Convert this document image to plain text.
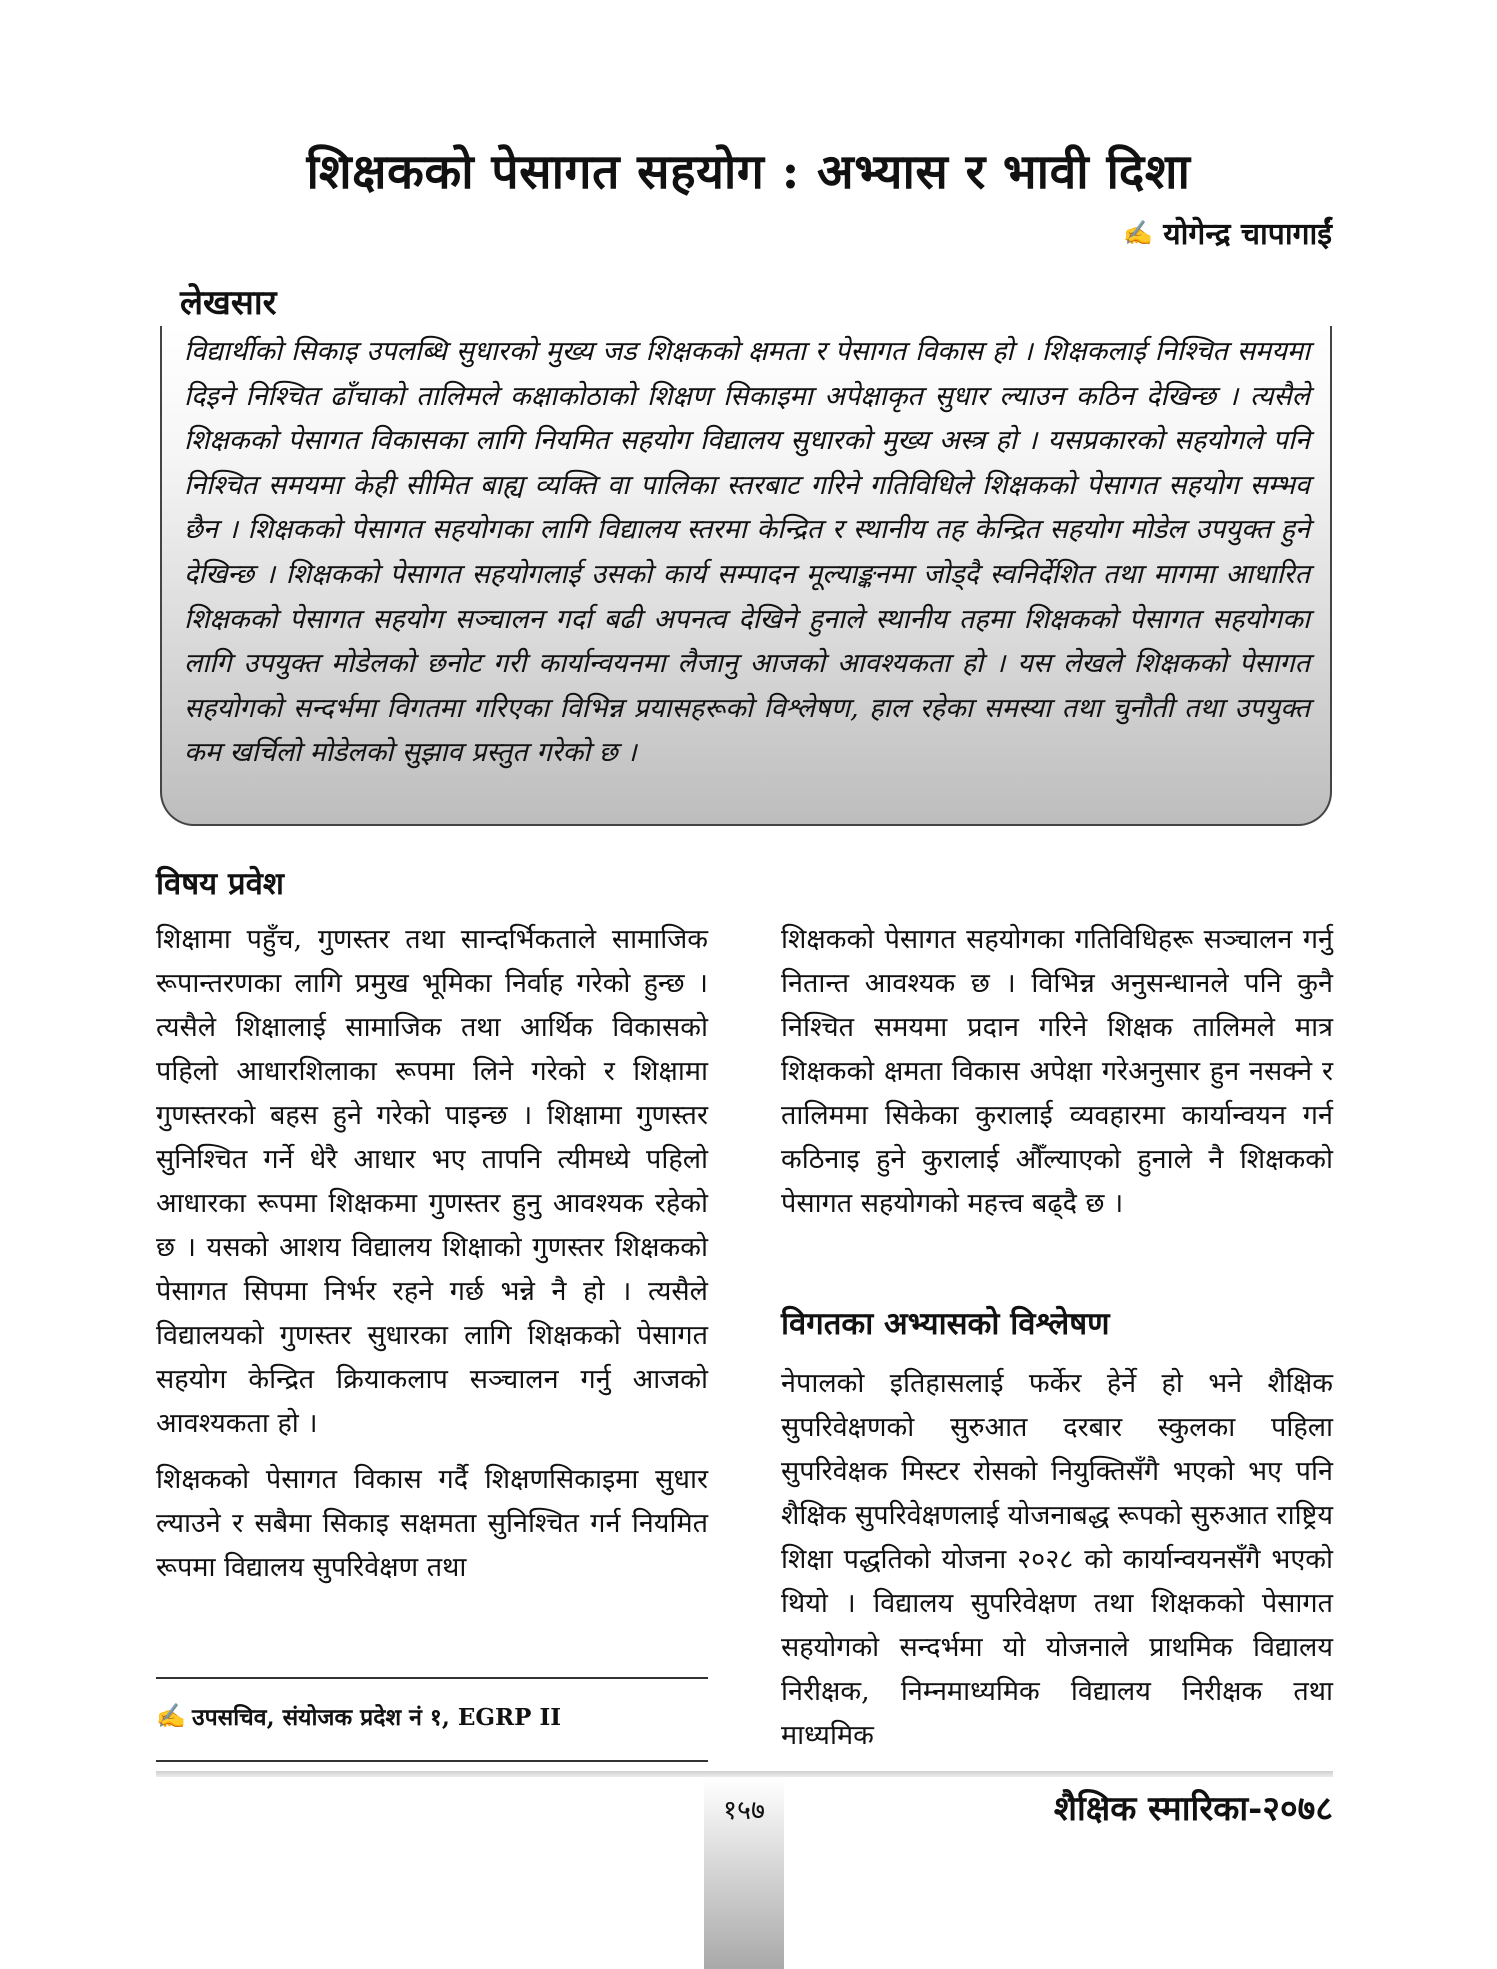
शिक्षकको पेसागत सहयोग : अभ्यास र भावी दिशा
✍ योगेन्द्र चापागाईं
लेखसार
विद्यार्थीको सिकाइ उपलब्धि सुधारको मुख्य जड शिक्षकको क्षमता र पेसागत विकास हो । शिक्षकलाई निश्चित समयमा दिइने निश्चित ढाँचाको तालिमले कक्षाकोठाको शिक्षण सिकाइमा अपेक्षाकृत सुधार ल्याउन कठिन देखिन्छ । त्यसैले शिक्षकको पेसागत विकासका लागि नियमित सहयोग विद्यालय सुधारको मुख्य अस्त्र हो । यसप्रकारको सहयोगले पनि निश्चित समयमा केही सीमित बाह्य व्यक्ति वा पालिका स्तरबाट गरिने गतिविधिले शिक्षकको पेसागत सहयोग सम्भव छैन । शिक्षकको पेसागत सहयोगका लागि विद्यालय स्तरमा केन्द्रित र स्थानीय तह केन्द्रित सहयोग मोडेल उपयुक्त हुने देखिन्छ । शिक्षकको पेसागत सहयोगलाई उसको कार्य सम्पादन मूल्याङ्कनमा जोड्दै स्वनिर्देशित तथा मागमा आधारित शिक्षकको पेसागत सहयोग सञ्चालन गर्दा बढी अपनत्व देखिने हुनाले स्थानीय तहमा शिक्षकको पेसागत सहयोगका लागि उपयुक्त मोडेलको छनोट गरी कार्यान्वयनमा लैजानु आजको आवश्यकता हो । यस लेखले शिक्षकको पेसागत सहयोगको सन्दर्भमा विगतमा गरिएका विभिन्न प्रयासहरूको विश्लेषण, हाल रहेका समस्या तथा चुनौती तथा उपयुक्त कम खर्चिलो मोडेलको सुझाव प्रस्तुत गरेको छ ।
विषय प्रवेश

शिक्षामा पहुँच, गुणस्तर तथा सान्दर्भिकताले सामाजिक रूपान्तरणका लागि प्रमुख भूमिका निर्वाह गरेको हुन्छ । त्यसैले शिक्षालाई सामाजिक तथा आर्थिक विकासको पहिलो आधारशिलाका रूपमा लिने गरेको र शिक्षामा गुणस्तरको बहस हुने गरेको पाइन्छ । शिक्षामा गुणस्तर सुनिश्चित गर्ने धेरै आधार भए तापनि त्यीमध्ये पहिलो आधारका रूपमा शिक्षकमा गुणस्तर हुनु आवश्यक रहेको छ । यसको आशय विद्यालय शिक्षाको गुणस्तर शिक्षकको पेसागत सिपमा निर्भर रहने गर्छ भन्ने नै हो । त्यसैले विद्यालयको गुणस्तर सुधारका लागि शिक्षकको पेसागत सहयोग केन्द्रित क्रियाकलाप सञ्चालन गर्नु आजको आवश्यकता हो ।

शिक्षकको पेसागत विकास गर्दै शिक्षणसिकाइमा सुधार ल्याउने र सबैमा सिकाइ सक्षमता सुनिश्चित गर्न नियमित रूपमा विद्यालय सुपरिवेक्षण तथा

शिक्षकको पेसागत सहयोगका गतिविधिहरू सञ्चालन गर्नु नितान्त आवश्यक छ । विभिन्न अनुसन्धानले पनि कुनै निश्चित समयमा प्रदान गरिने शिक्षक तालिमले मात्र शिक्षकको क्षमता विकास अपेक्षा गरेअनुसार हुन नसक्ने र तालिममा सिकेका कुरालाई व्यवहारमा कार्यान्वयन गर्न कठिनाइ हुने कुरालाई औँल्याएको हुनाले नै शिक्षकको पेसागत सहयोगको महत्त्व बढ्दै छ ।

विगतका अभ्यासको विश्लेषण

नेपालको इतिहासलाई फर्केर हेर्ने हो भने शैक्षिक सुपरिवेक्षणको सुरुआत दरबार स्कुलका पहिला सुपरिवेक्षक मिस्टर रोसको नियुक्तिसँगै भएको भए पनि शैक्षिक सुपरिवेक्षणलाई योजनाबद्ध रूपको सुरुआत राष्ट्रिय शिक्षा पद्धतिको योजना २०२८ को कार्यान्वयनसँगै भएको थियो । विद्यालय सुपरिवेक्षण तथा शिक्षकको पेसागत सहयोगको सन्दर्भमा यो योजनाले प्राथमिक विद्यालय निरीक्षक, निम्नमाध्यमिक विद्यालय निरीक्षक तथा माध्यमिक

✍ उपसचिव, संयोजक प्रदेश नं १, EGRP II
१५७	शैक्षिक स्मारिका-२०७८
